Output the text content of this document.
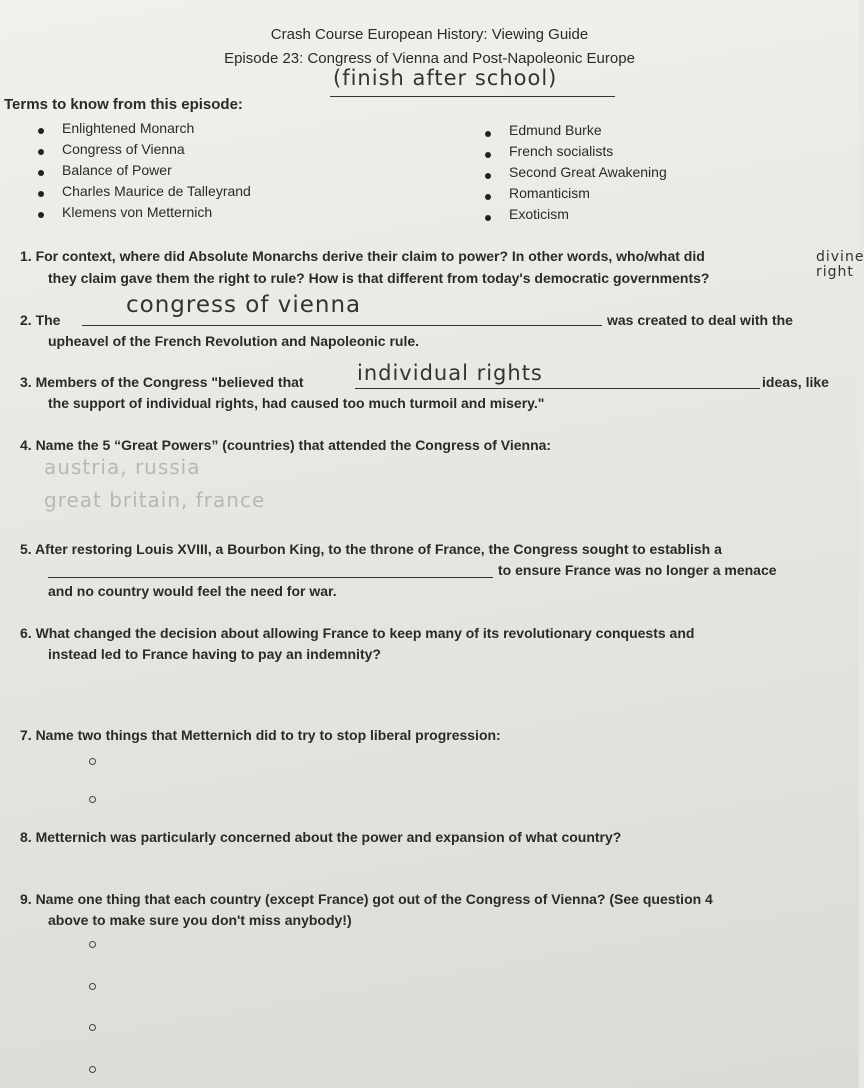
Crash Course European History: Viewing Guide
Episode 23: Congress of Vienna and Post-Napoleonic Europe
(finish after school)
Terms to know from this episode:
Enlightened Monarch
Congress of Vienna
Balance of Power
Charles Maurice de Talleyrand
Klemens von Metternich
Edmund Burke
French socialists
Second Great Awakening
Romanticism
Exoticism
1. For context, where did Absolute Monarchs derive their claim to power? In other words, who/what did
they claim gave them the right to rule? How is that different from today's democratic governments?
divine right
2. The
congress of vienna
was created to deal with the
upheavel of the French Revolution and Napoleonic rule.
3. Members of the Congress "believed that	individual rights	ideas, like
the support of individual rights, had caused too much turmoil and misery."
4. Name the 5 “Great Powers” (countries) that attended the Congress of Vienna:
austria, russia
great britain, france
5. After restoring Louis XVIII, a Bourbon King, to the throne of France, the Congress sought to establish a
to ensure France was no longer a menace
and no country would feel the need for war.
6. What changed the decision about allowing France to keep many of its revolutionary conquests and
instead led to France having to pay an indemnity?
7. Name two things that Metternich did to try to stop liberal progression:
8. Metternich was particularly concerned about the power and expansion of what country?
9. Name one thing that each country (except France) got out of the Congress of Vienna? (See question 4
above to make sure you don't miss anybody!)
